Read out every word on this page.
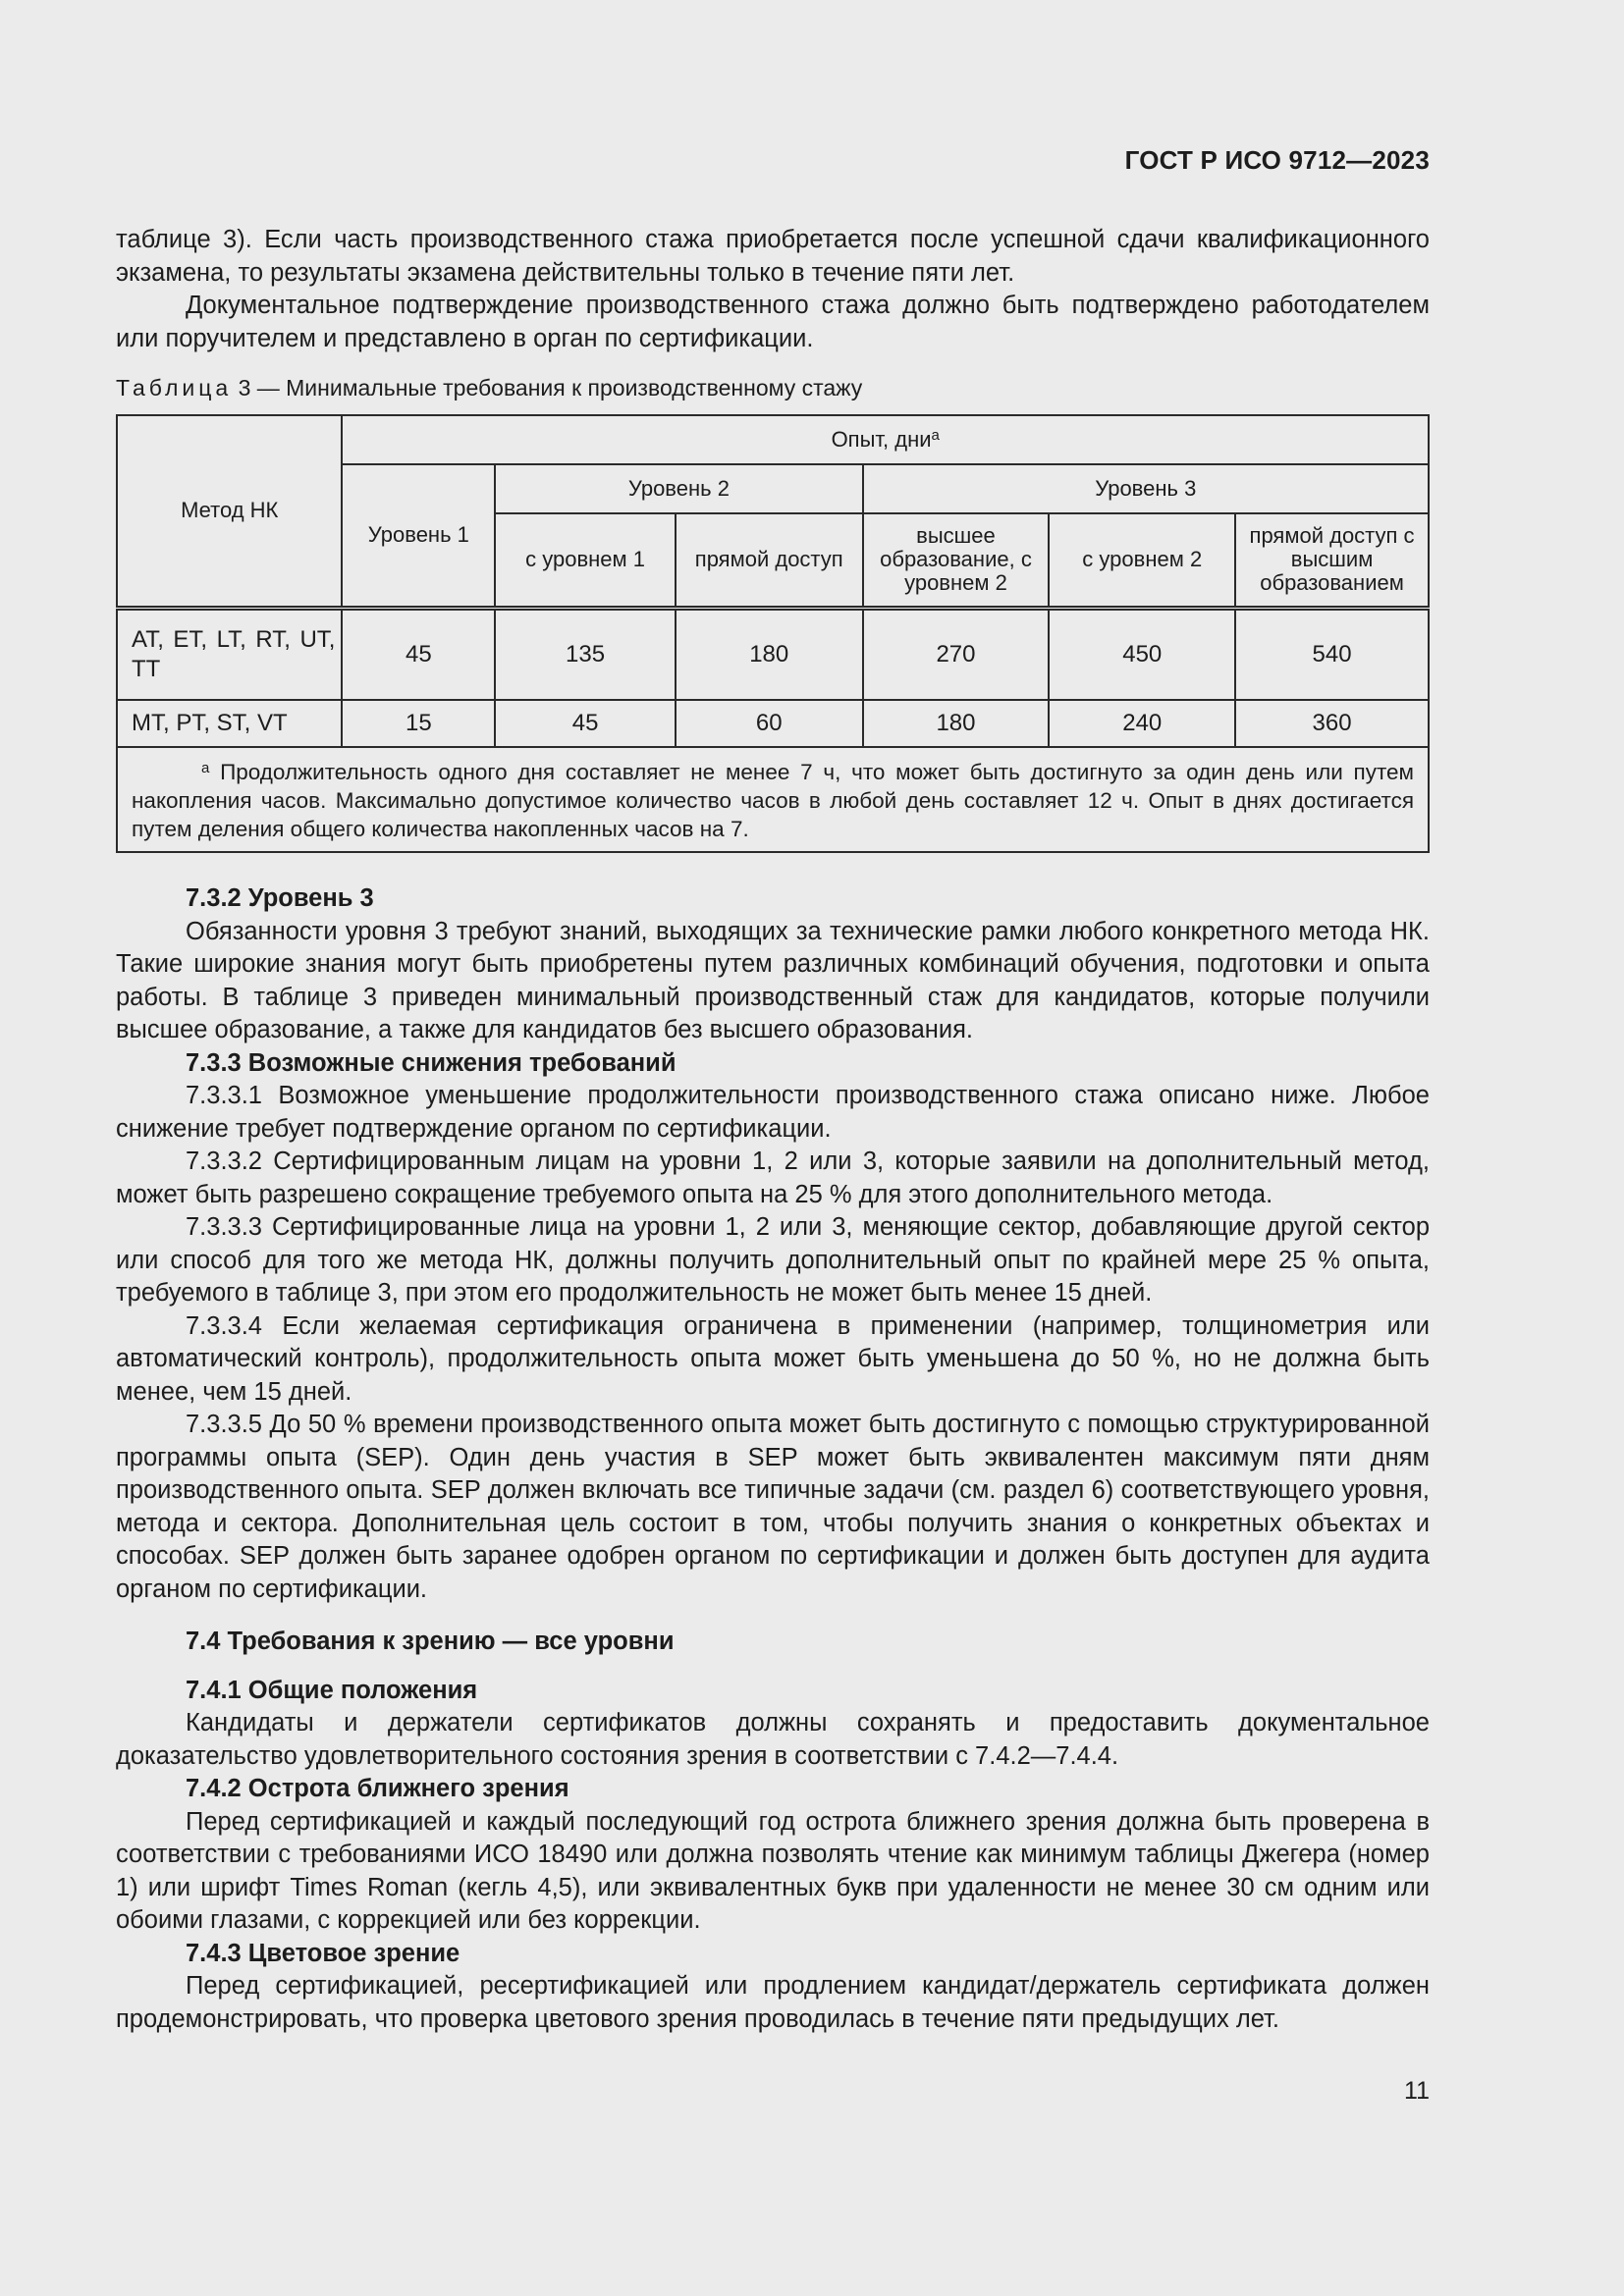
ГОСТ Р ИСО 9712—2023

таблице 3). Если часть производственного стажа приобретается после успешной сдачи квалификационного экзамена, то результаты экзамена действительны только в течение пяти лет.

Документальное подтверждение производственного стажа должно быть подтверждено работодателем или поручителем и представлено в орган по сертификации.

Таблица 3 — Минимальные требования к производственному стажу
Метод НК	Опыт, дни$^a$
	Уровень 1	Уровень 2		Уровень 3		
		с уровнем 1	прямой доступ	высшее образование, с уровнем 2	с уровнем 2	прямой доступ с высшим образованием
AT, ET, LT, RT, UT, TT	45	135	180	270	450	540
MT, PT, ST, VT	15	45	60	180	240	360
$^a$ Продолжительность одного дня составляет не менее 7 ч, что может быть достигнуто за один день или путем накопления часов. Максимально допустимое количество часов в любой день составляет 12 ч. Опыт в днях достигается путем деления общего количества накопленных часов на 7.						
7.3.2 Уровень 3

Обязанности уровня 3 требуют знаний, выходящих за технические рамки любого конкретного метода НК. Такие широкие знания могут быть приобретены путем различных комбинаций обучения, подготовки и опыта работы. В таблице 3 приведен минимальный производственный стаж для кандидатов, которые получили высшее образование, а также для кандидатов без высшего образования.

7.3.3 Возможные снижения требований

7.3.3.1 Возможное уменьшение продолжительности производственного стажа описано ниже. Любое снижение требует подтверждение органом по сертификации.

7.3.3.2 Сертифицированным лицам на уровни 1, 2 или 3, которые заявили на дополнительный метод, может быть разрешено сокращение требуемого опыта на 25 % для этого дополнительного метода.

7.3.3.3 Сертифицированные лица на уровни 1, 2 или 3, меняющие сектор, добавляющие другой сектор или способ для того же метода НК, должны получить дополнительный опыт по крайней мере 25 % опыта, требуемого в таблице 3, при этом его продолжительность не может быть менее 15 дней.

7.3.3.4 Если желаемая сертификация ограничена в применении (например, толщинометрия или автоматический контроль), продолжительность опыта может быть уменьшена до 50 %, но не должна быть менее, чем 15 дней.

7.3.3.5 До 50 % времени производственного опыта может быть достигнуто с помощью структурированной программы опыта (SEP). Один день участия в SEP может быть эквивалентен максимум пяти дням производственного опыта. SEP должен включать все типичные задачи (см. раздел 6) соответствующего уровня, метода и сектора. Дополнительная цель состоит в том, чтобы получить знания о конкретных объектах и способах. SEP должен быть заранее одобрен органом по сертификации и должен быть доступен для аудита органом по сертификации.

7.4 Требования к зрению — все уровни
7.4.1 Общие положения

Кандидаты и держатели сертификатов должны сохранять и предоставить документальное доказательство удовлетворительного состояния зрения в соответствии с 7.4.2—7.4.4.

7.4.2 Острота ближнего зрения

Перед сертификацией и каждый последующий год острота ближнего зрения должна быть проверена в соответствии с требованиями ИСО 18490 или должна позволять чтение как минимум таблицы Джегера (номер 1) или шрифт Times Roman (кегль 4,5), или эквивалентных букв при удаленности не менее 30 см одним или обоими глазами, с коррекцией или без коррекции.

7.4.3 Цветовое зрение

Перед сертификацией, ресертификацией или продлением кандидат/держатель сертификата должен продемонстрировать, что проверка цветового зрения проводилась в течение пяти предыдущих лет.

11
